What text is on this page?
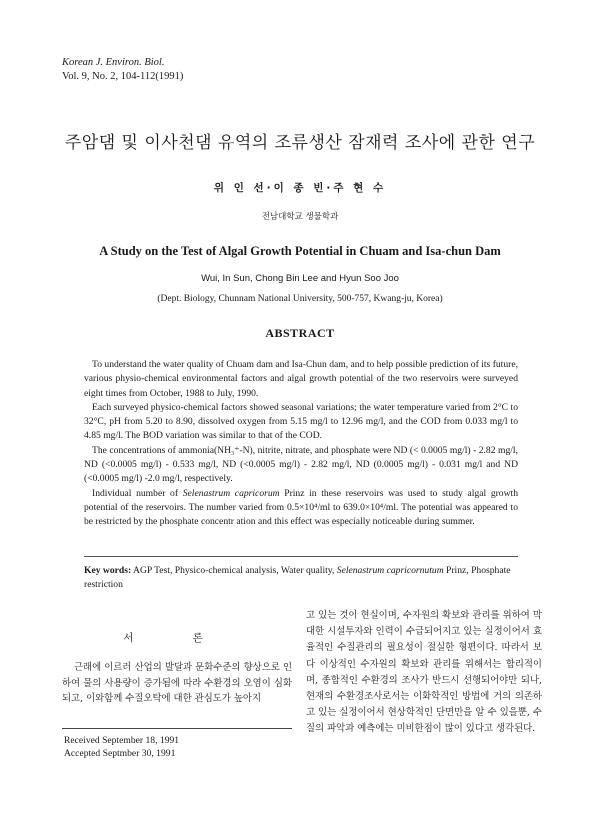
Korean J. Environ. Biol.
Vol. 9, No. 2, 104-112(1991)
주암댐 및 이사천댐 유역의 조류생산 잠재력 조사에 관한 연구
위 인 선·이 종 빈·주 현 수
전남대학교 생물학과
A Study on the Test of Algal Growth Potential in Chuam and Isa-chun Dam
Wui, In Sun, Chong Bin Lee and Hyun Soo Joo
(Dept. Biology, Chunnam National University, 500-757, Kwang-ju, Korea)
ABSTRACT

To understand the water quality of Chuam dam and Isa-Chun dam, and to help possible prediction of its future, various physio-chemical environmental factors and algal growth potential of the two reservoirs were surveyed eight times from October, 1988 to July, 1990.

Each surveyed physico-chemical factors showed seasonal variations; the water temperature varied from 2°C to 32°C, pH from 5.20 to 8.90, dissolved oxygen from 5.15 mg/l to 12.96 mg/l, and the COD from 0.033 mg/l to 4.85 mg/l. The BOD variation was similar to that of the COD.

The concentrations of ammonia(NH₃⁺-N), nitrite, nitrate, and phosphate were ND (< 0.0005 mg/l) - 2.82 mg/l, ND (<0.0005 mg/l) - 0.533 mg/l, ND (<0.0005 mg/l) - 2.82 mg/l, ND (0.0005 mg/l) - 0.031 mg/l and ND (<0.0005 mg/l) -2.0 mg/l, respectively.

Individual number of Selenastrum capricorum Prinz in these reservoirs was used to study algal growth potential of the reservoirs. The number varied from 0.5×10⁴/ml to 639.0×10⁴/ml. The potential was appeared to be restricted by the phosphate concentr ation and this effect was especially noticeable during summer.

Key words: AGP Test, Physico-chemical analysis, Water quality, Selenastrum capricornutum Prinz, Phosphate restriction
서 론

근래에 이르러 산업의 발달과 문화수준의 향상으로 인하여 물의 사용량이 증가됨에 따라 수환경의 오염이 심화되고, 이와함께 수질오탁에 대한 관심도가 높아지

Received September 18, 1991
Accepted Septmber 30, 1991

고 있는 것이 현실이며, 수자원의 확보와 관리를 위하여 막대한 시설투자와 인력이 수급되어지고 있는 실정이어서 효율적인 수질관리의 필요성이 절실한 형편이다. 따라서 보다 이상적인 수자원의 확보와 관리를 위해서는 합리적이며, 종합적인 수환경의 조사가 반드시 선행되어야만 되나, 현재의 수환경조사로서는 이화학적인 방법에 거의 의존하고 있는 실정이어서 현상학적인 단면만을 알 수 있을뿐, 수질의 파악과 예측에는 미비한점이 많이 있다고 생각된다.
